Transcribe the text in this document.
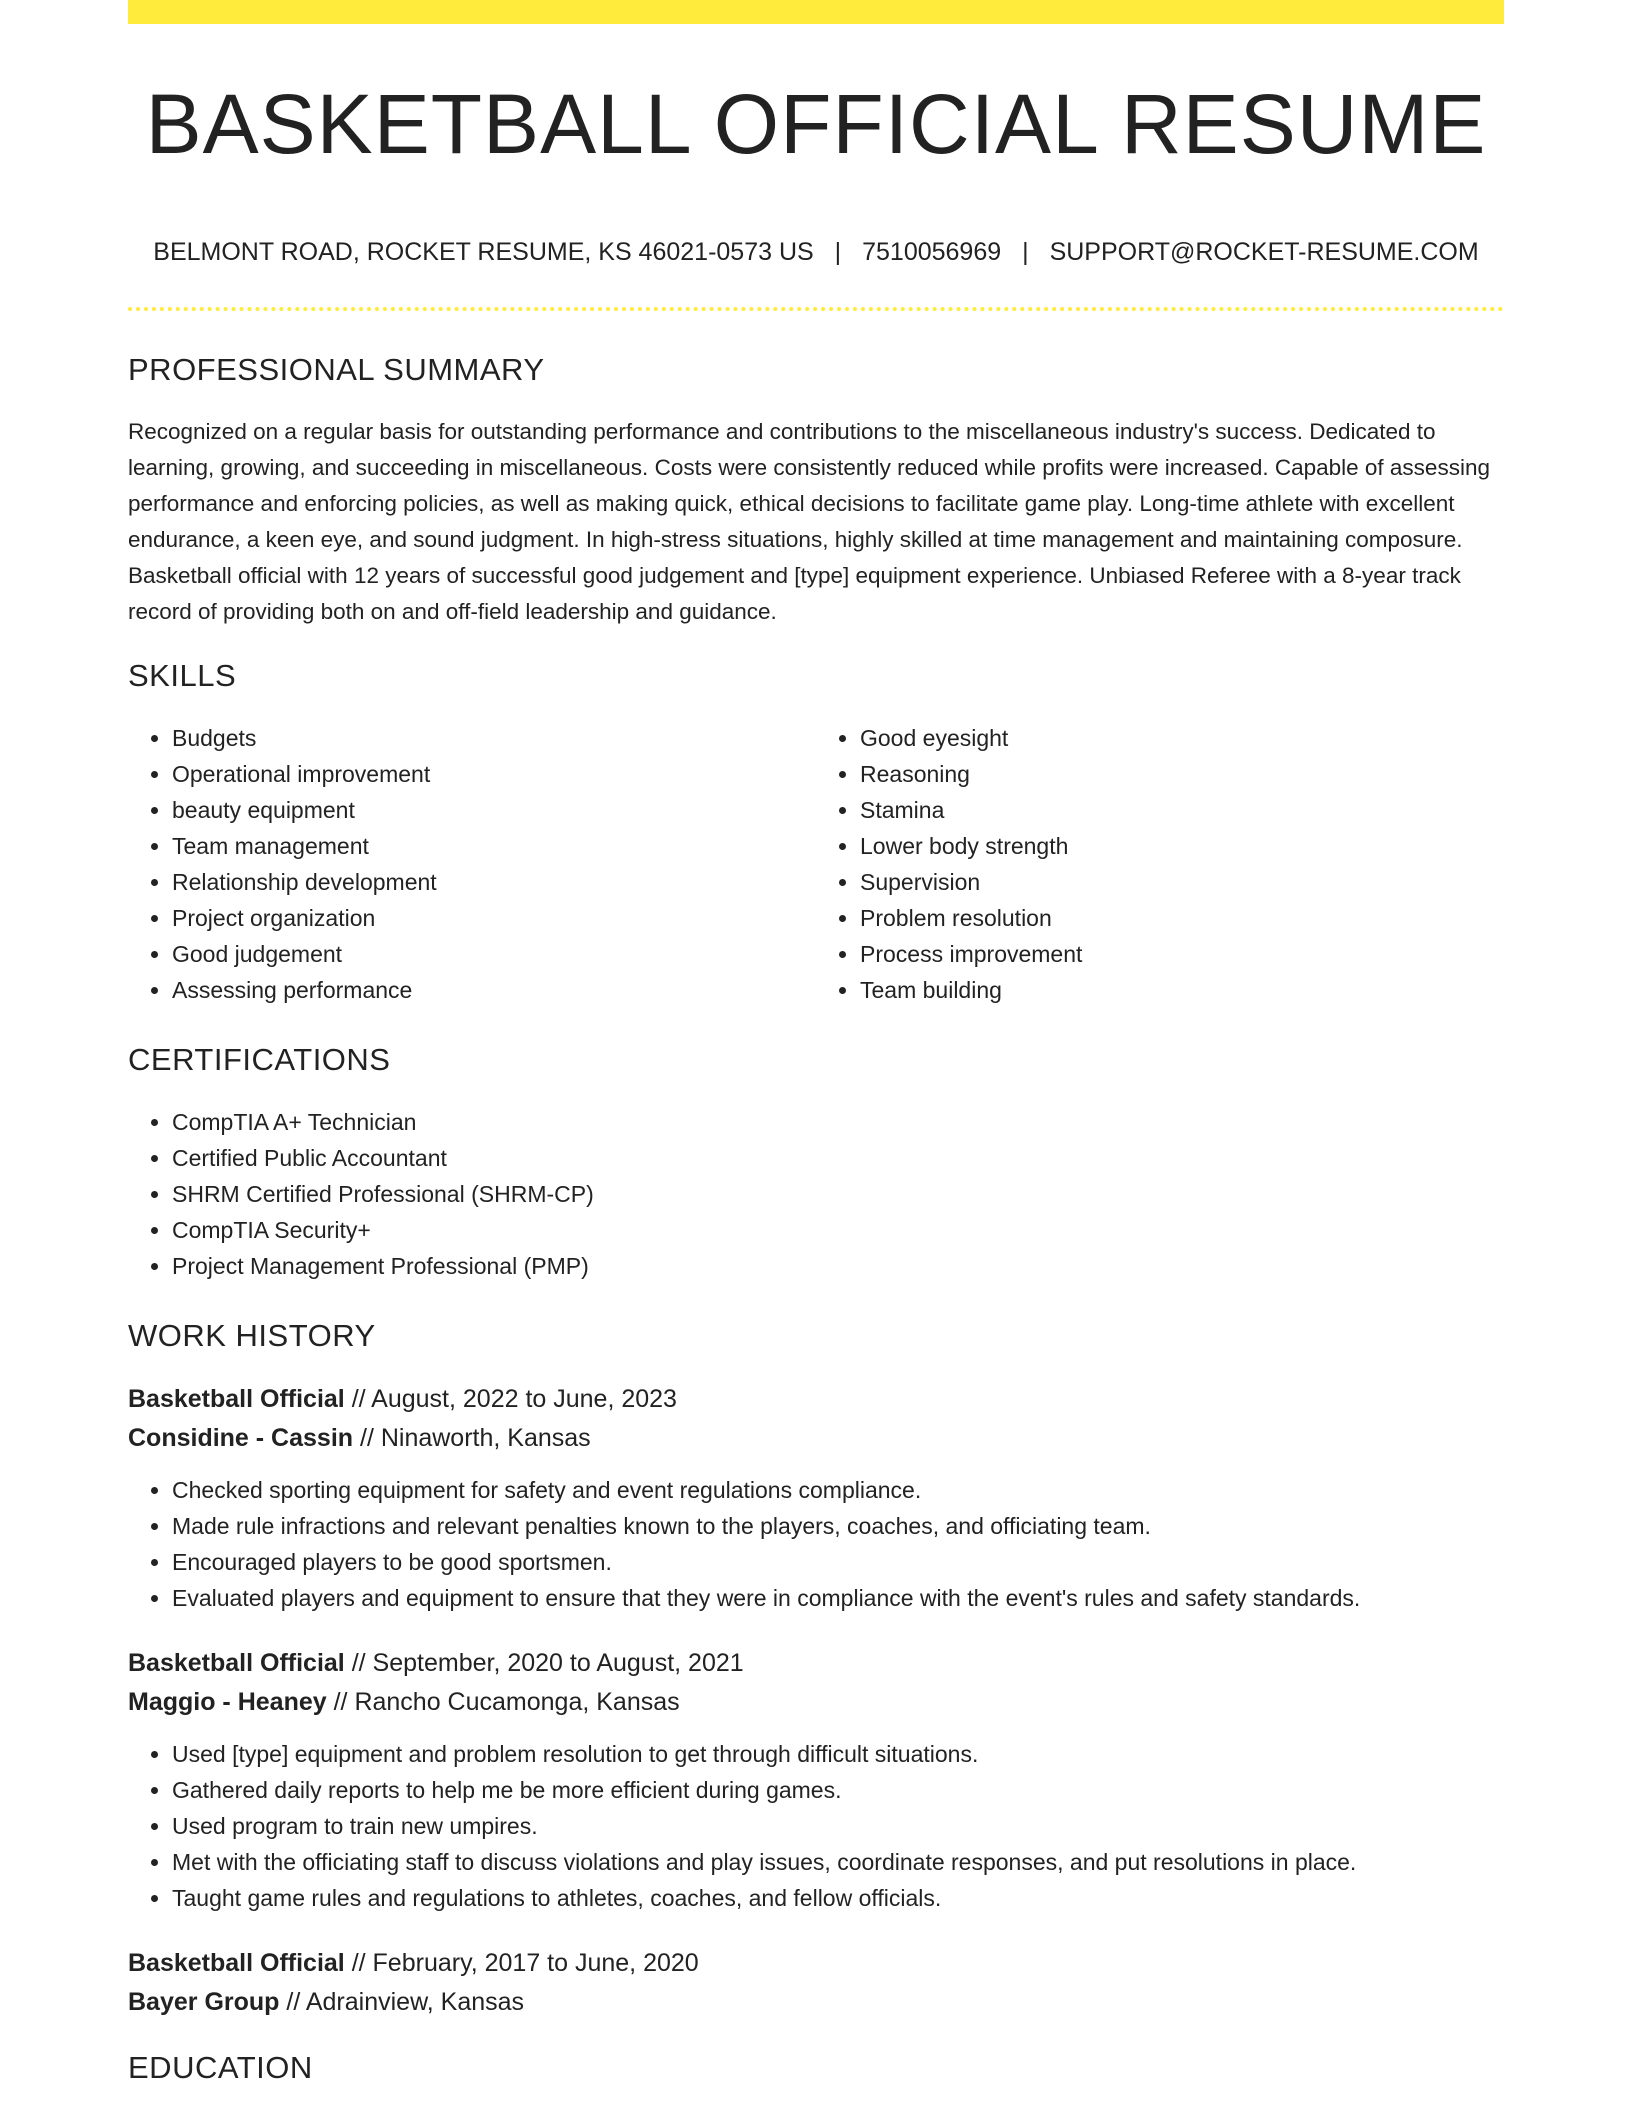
BASKETBALL OFFICIAL RESUME
BELMONT ROAD, ROCKET RESUME, KS 46021-0573 US | 7510056969 | SUPPORT@ROCKET-RESUME.COM
PROFESSIONAL SUMMARY

Recognized on a regular basis for outstanding performance and contributions to the miscellaneous industry's success. Dedicated to learning, growing, and succeeding in miscellaneous. Costs were consistently reduced while profits were increased. Capable of assessing performance and enforcing policies, as well as making quick, ethical decisions to facilitate game play. Long-time athlete with excellent endurance, a keen eye, and sound judgment. In high-stress situations, highly skilled at time management and maintaining composure. Basketball official with 12 years of successful good judgement and [type] equipment experience. Unbiased Referee with a 8-year track record of providing both on and off-field leadership and guidance.

SKILLS
• Budgets
• Operational improvement
• beauty equipment
• Team management
• Relationship development
• Project organization
• Good judgement
• Assessing performance
• Good eyesight
• Reasoning
• Stamina
• Lower body strength
• Supervision
• Problem resolution
• Process improvement
• Team building
CERTIFICATIONS
• CompTIA A+ Technician
• Certified Public Accountant
• SHRM Certified Professional (SHRM-CP)
• CompTIA Security+
• Project Management Professional (PMP)
WORK HISTORY
Basketball Official // August, 2022 to June, 2023
Considine - Cassin // Ninaworth, Kansas
• Checked sporting equipment for safety and event regulations compliance.
• Made rule infractions and relevant penalties known to the players, coaches, and officiating team.
• Encouraged players to be good sportsmen.
• Evaluated players and equipment to ensure that they were in compliance with the event's rules and safety standards.
Basketball Official // September, 2020 to August, 2021
Maggio - Heaney // Rancho Cucamonga, Kansas
• Used [type] equipment and problem resolution to get through difficult situations.
• Gathered daily reports to help me be more efficient during games.
• Used program to train new umpires.
• Met with the officiating staff to discuss violations and play issues, coordinate responses, and put resolutions in place.
• Taught game rules and regulations to athletes, coaches, and fellow officials.
Basketball Official // February, 2017 to June, 2020
Bayer Group // Adrainview, Kansas
EDUCATION
